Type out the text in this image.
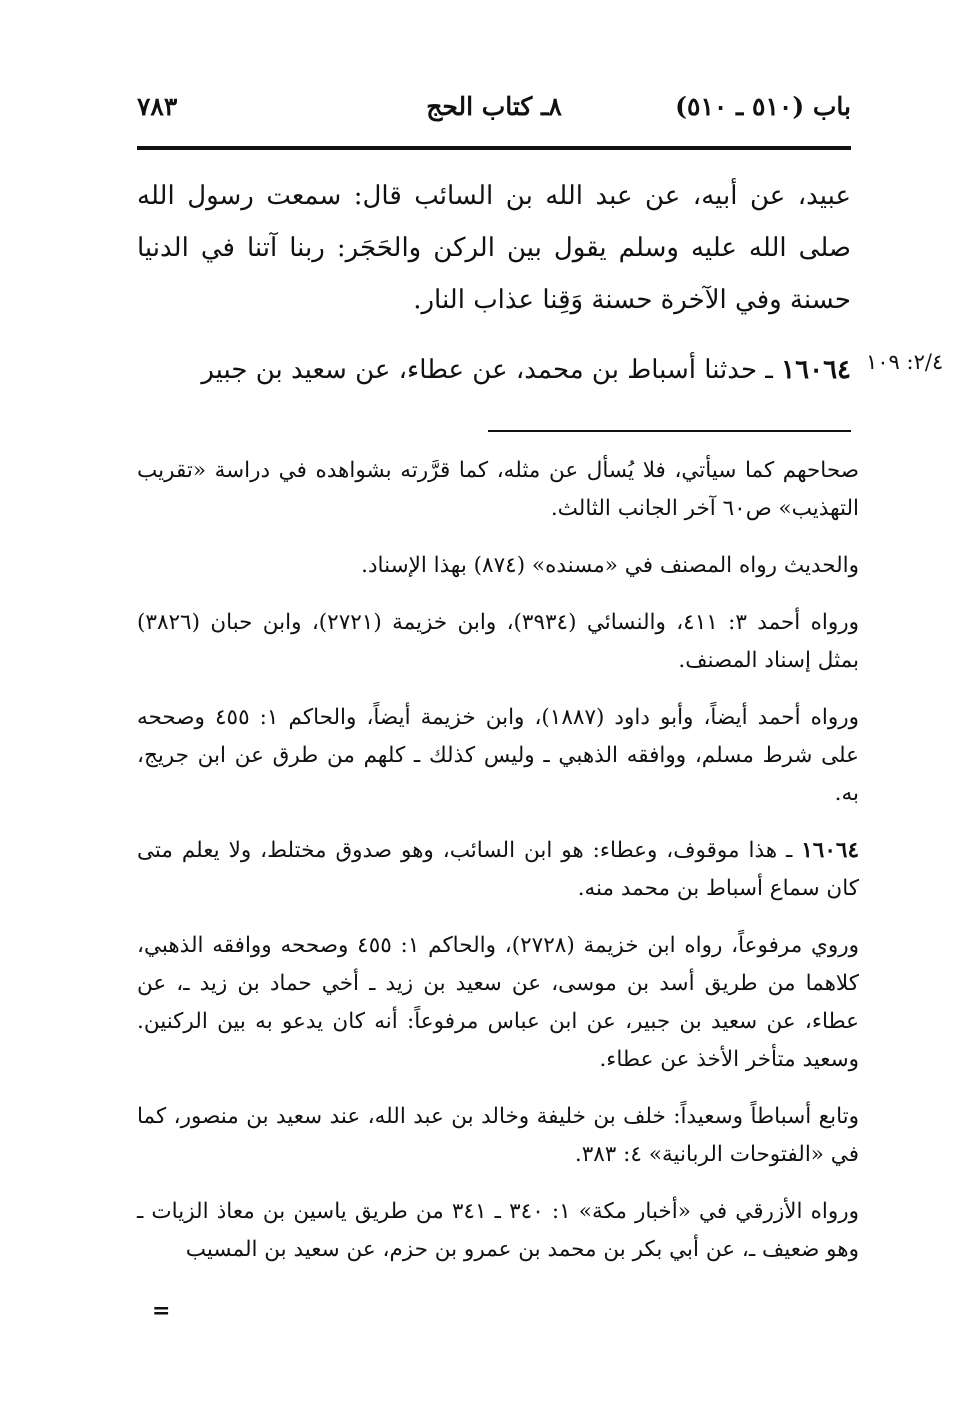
باب (٥١٠ ـ ٥١٠)
٨ـ كتاب الحج
٧٨٣
عبيد، عن أبيه، عن عبد الله بن السائب قال: سمعت رسول الله صلى الله عليه وسلم يقول بين الركن والحَجَر: ربنا آتنا في الدنيا حسنة وفي الآخرة حسنة وَقِنا عذاب النار.
١٦٠٦٤ ـ حدثنا أسباط بن محمد، عن عطاء، عن سعيد بن جبير	٢/٤: ١٠٩

صحاحهم كما سيأتي، فلا يُسأل عن مثله، كما قرَّرته بشواهده في دراسة «تقريب التهذيب» ص٦٠ آخر الجانب الثالث.

والحديث رواه المصنف في «مسنده» (٨٧٤) بهذا الإسناد.

ورواه أحمد ٣: ٤١١، والنسائي (٣٩٣٤)، وابن خزيمة (٢٧٢١)، وابن حبان (٣٨٢٦) بمثل إسناد المصنف.

ورواه أحمد أيضاً، وأبو داود (١٨٨٧)، وابن خزيمة أيضاً، والحاكم ١: ٤٥٥ وصححه على شرط مسلم، ووافقه الذهبي ـ وليس كذلك ـ كلهم من طرق عن ابن جريج، به.

١٦٠٦٤ ـ هذا موقوف، وعطاء: هو ابن السائب، وهو صدوق مختلط، ولا يعلم متى كان سماع أسباط بن محمد منه.

وروي مرفوعاً، رواه ابن خزيمة (٢٧٢٨)، والحاكم ١: ٤٥٥ وصححه ووافقه الذهبي، كلاهما من طريق أسد بن موسى، عن سعيد بن زيد ـ أخي حماد بن زيد ـ، عن عطاء، عن سعيد بن جبير، عن ابن عباس مرفوعاً: أنه كان يدعو به بين الركنين. وسعيد متأخر الأخذ عن عطاء.

وتابع أسباطاً وسعيداً: خلف بن خليفة وخالد بن عبد الله، عند سعيد بن منصور، كما في «الفتوحات الربانية» ٤: ٣٨٣.

ورواه الأزرقي في «أخبار مكة» ١: ٣٤٠ ـ ٣٤١ من طريق ياسين بن معاذ الزيات ـ وهو ضعيف ـ، عن أبي بكر بن محمد بن عمرو بن حزم، عن سعيد بن المسيب

=
